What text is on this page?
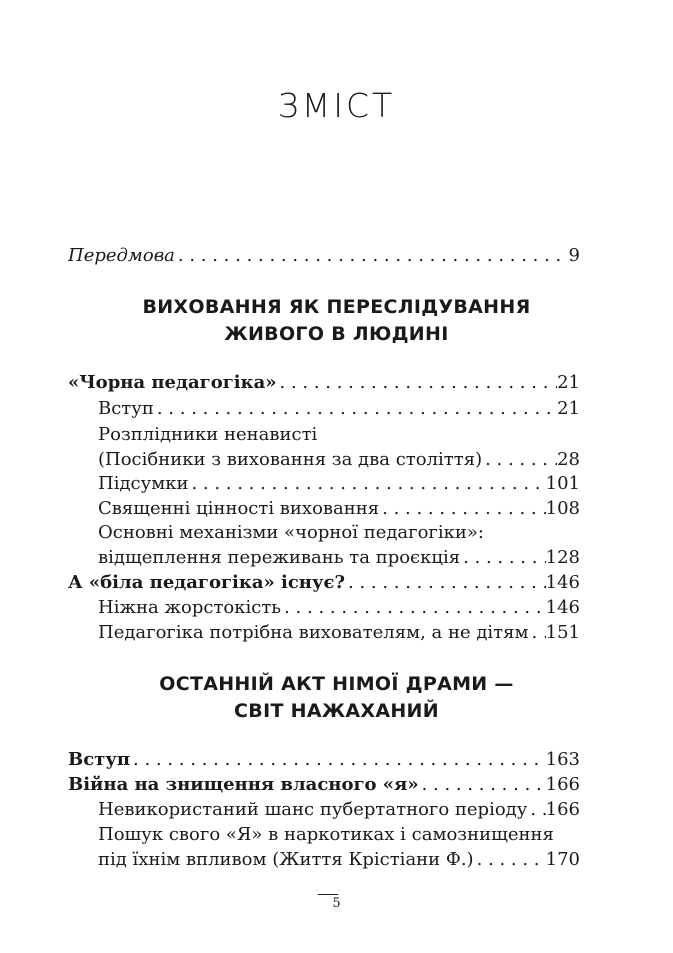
ЗМІСТ
Передмова . . .	9
ВИХОВАННЯ ЯК ПЕРЕСЛІДУВАННЯ
ЖИВОГО В ЛЮДИНІ
«Чорна педагогіка» . . .	21
Вступ . . .	21
Розплідники ненависті
(Посібники з виховання за два століття) . . .	28
Підсумки . . .	101
Священні цінності виховання . . .	108
Основні механізми «чорної педагогіки»:
відщеплення переживань та проєкція . . .	128
А «біла педагогіка» існує? . . .	146
Ніжна жорстокість . . .	146
Педагогіка потрібна вихователям, а не дітям . . . 151
ОСТАННІЙ АКТ НІМОЇ ДРАМИ —
СВІТ НАЖАХАНИЙ
Вступ . . .	163
Війна на знищення власного «я» . . .	166
Невикористаний шанс пубертатного періоду . . . 166
Пошук свого «Я» в наркотиках і самознищення
під їхнім впливом (Життя Крістіани Ф.) . . .	170
5
